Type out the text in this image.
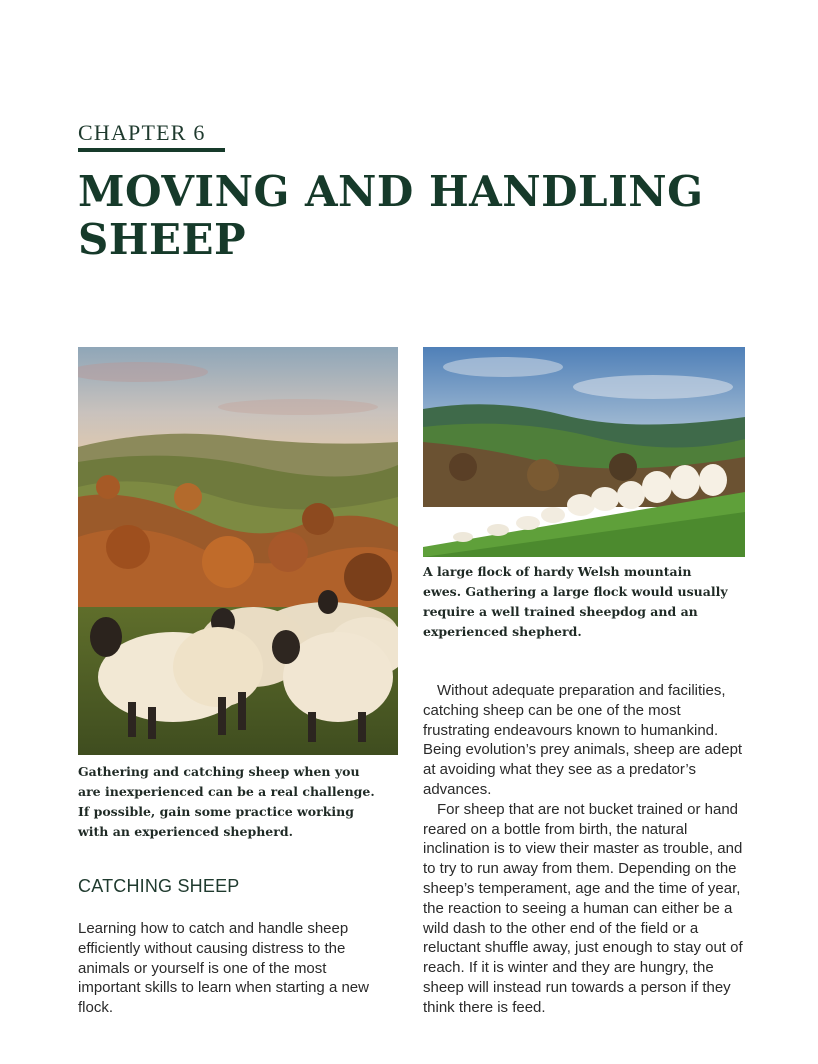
CHAPTER 6
MOVING AND HANDLING SHEEP

Gathering and catching sheep when you are inexperienced can be a real challenge. If possible, gain some practice working with an experienced shepherd.

A large flock of hardy Welsh mountain ewes. Gathering a large flock would usually require a well trained sheepdog and an experienced shepherd.

CATCHING SHEEP

Learning how to catch and handle sheep efficiently without causing distress to the animals or yourself is one of the most important skills to learn when starting a new flock.

Without adequate preparation and facilities, catching sheep can be one of the most frustrating endeavours known to humankind. Being evolution’s prey animals, sheep are adept at avoiding what they see as a predator’s advances.

For sheep that are not bucket trained or hand reared on a bottle from birth, the natural inclination is to view their master as trouble, and to try to run away from them. Depending on the sheep’s temperament, age and the time of year, the reaction to seeing a human can either be a wild dash to the other end of the field or a reluctant shuffle away, just enough to stay out of reach. If it is winter and they are hungry, the sheep will instead run towards a person if they think there is feed.
